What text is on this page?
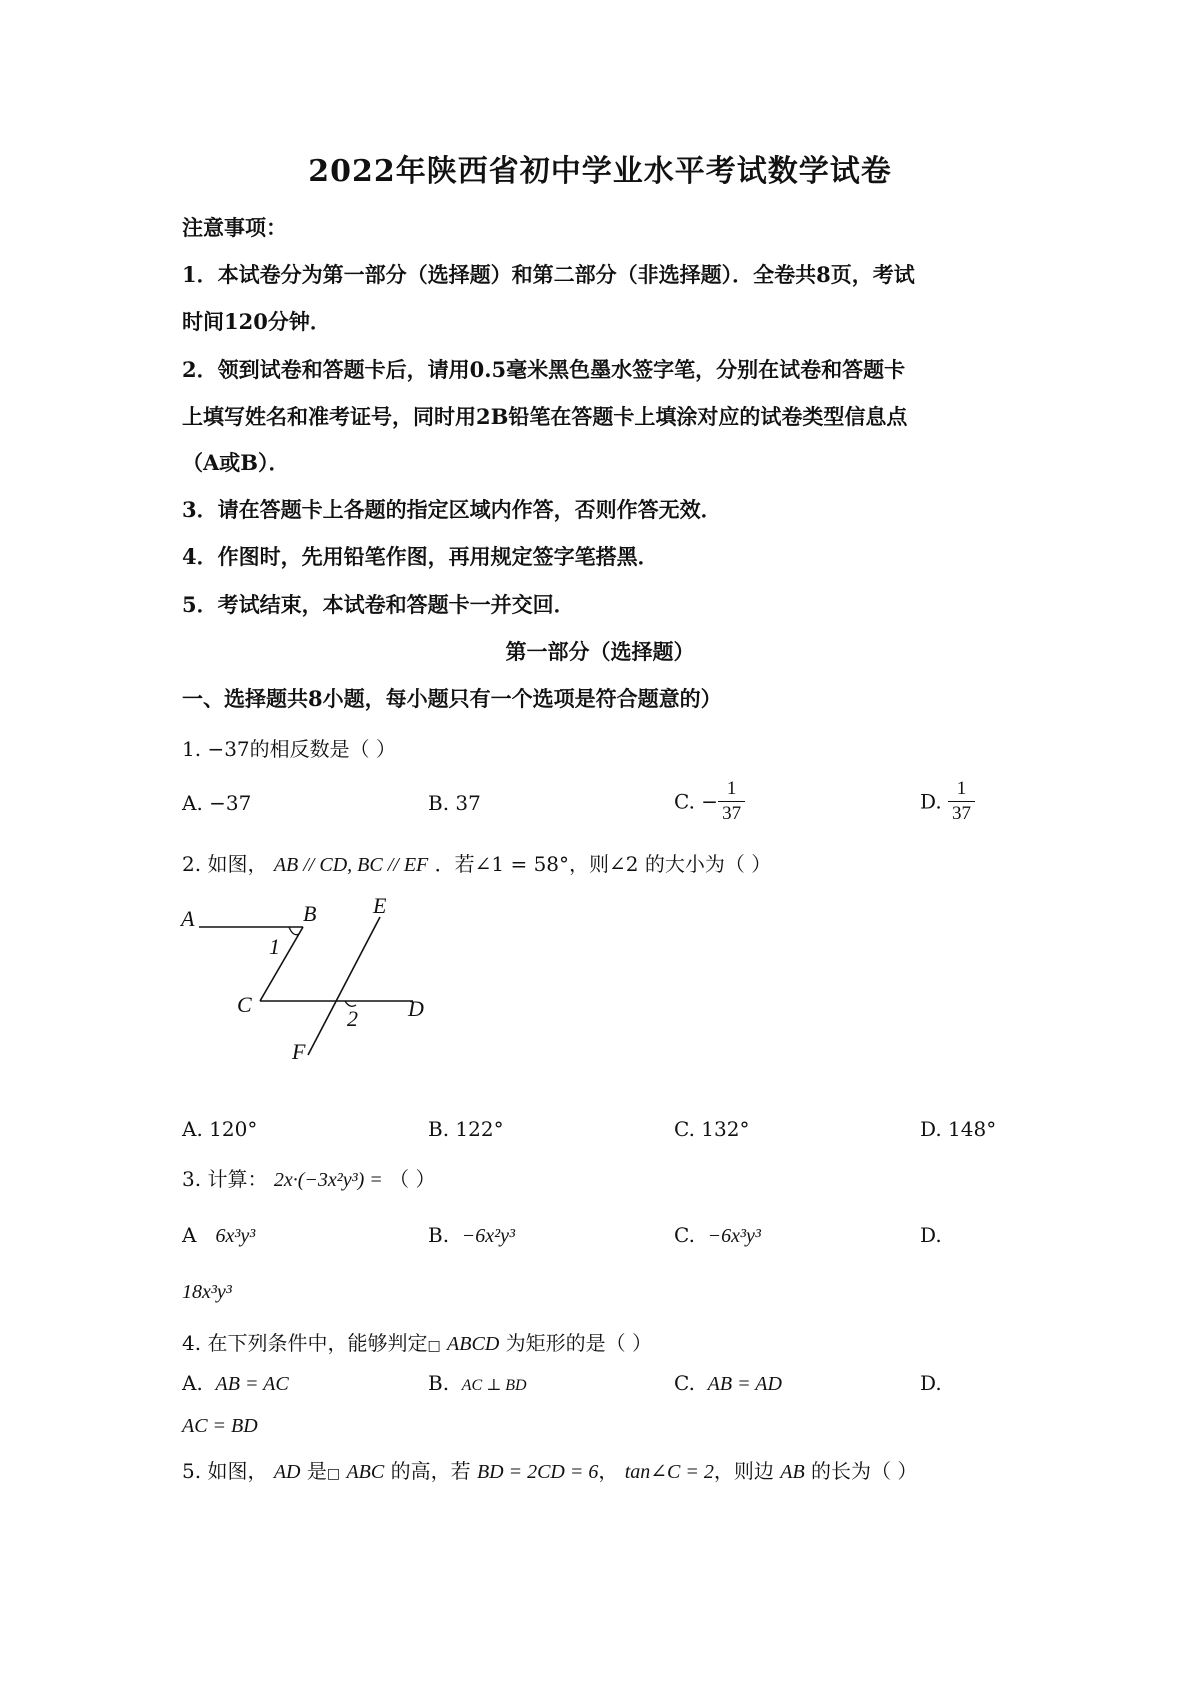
2022年陕西省初中学业水平考试数学试卷
注意事项：
1．本试卷分为第一部分（选择题）和第二部分（非选择题）．全卷共8页，考试
时间120分钟．
2．领到试卷和答题卡后，请用0.5毫米黑色墨水签字笔，分别在试卷和答题卡
上填写姓名和准考证号，同时用2B铅笔在答题卡上填涂对应的试卷类型信息点
（A或B）．
3．请在答题卡上各题的指定区域内作答，否则作答无效．
4．作图时，先用铅笔作图，再用规定签字笔搭黑．
5．考试结束，本试卷和答题卡一并交回．
第一部分（选择题）
一、选择题共8小题，每小题只有一个选项是符合题意的）
1. −37的相反数是（ ）
A. −37	B. 37	C. − $\frac{1}{37}$	D. $\frac{1}{37}$
2. 如图， AB // CD, BC // EF ．若∠1 = 58°，则∠2 的大小为（ ）
A	B	E
1
C
2 D
F
A. 120°	B. 122°	C. 132°	D. 148°
3. 计算： 2x·(−3x²y³) = （ ）
A 6x³y³	B. −6x²y³	C. −6x³y³	D.
18x³y³
4. 在下列条件中，能够判定□ ABCD 为矩形的是（ ）
A. AB = AC	B. AC ⊥ BD	C. AB = AD	D.
AC = BD
5. 如图， AD 是□ ABC 的高，若 BD = 2CD = 6， tan∠C = 2，则边 AB 的长为（ ）
